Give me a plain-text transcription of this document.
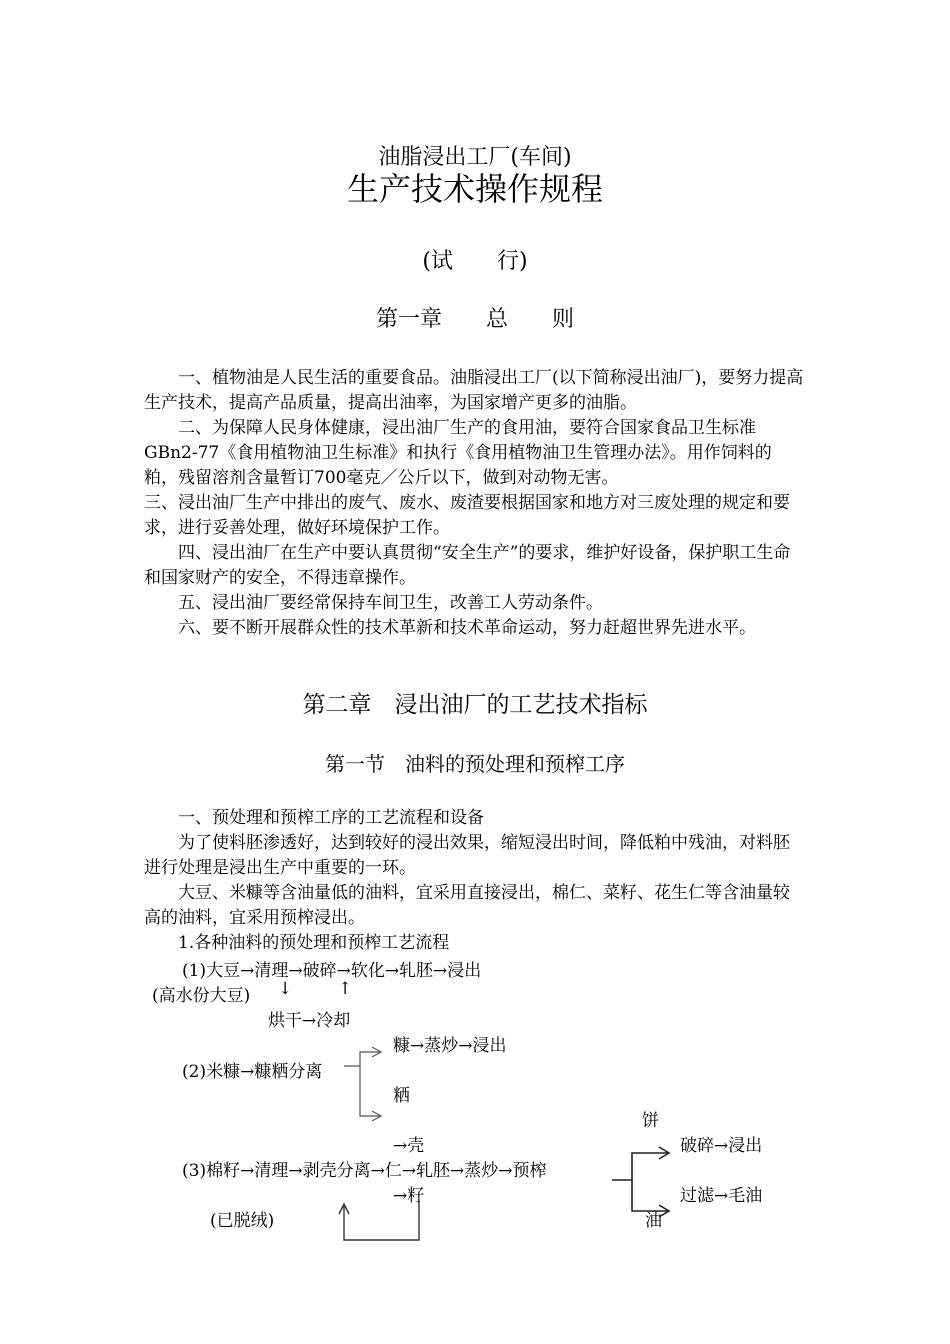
油脂浸出工厂(车间)
生产技术操作规程
(试　　行)
第一章　　总　　则
　　一、植物油是人民生活的重要食品。油脂浸出工厂(以下简称浸出油厂)，要努力提高生产技术，提高产品质量，提高出油率，为国家增产更多的油脂。
　　二、为保障人民身体健康，浸出油厂生产的食用油，要符合国家食品卫生标准GBn2-77《食用植物油卫生标准》和执行《食用植物油卫生管理办法》。用作饲料的粕，残留溶剂含量暂订700毫克／公斤以下，做到对动物无害。
三、浸出油厂生产中排出的废气、废水、废渣要根据国家和地方对三废处理的规定和要求，进行妥善处理，做好环境保护工作。
　　四、浸出油厂在生产中要认真贯彻“安全生产”的要求，维护好设备，保护职工生命和国家财产的安全，不得违章操作。
　　五、浸出油厂要经常保持车间卫生，改善工人劳动条件。
　　六、要不断开展群众性的技术革新和技术革命运动，努力赶超世界先进水平。
第二章　浸出油厂的工艺技术指标
第一节　油料的预处理和预榨工序
　　一、预处理和预榨工序的工艺流程和设备
　　为了使料胚渗透好，达到较好的浸出效果，缩短浸出时间，降低粕中残油，对料胚进行处理是浸出生产中重要的一环。
　　大豆、米糠等含油量低的油料，宜采用直接浸出，棉仁、菜籽、花生仁等含油量较高的油料，宜采用预榨浸出。
　　1.各种油料的预处理和预榨工艺流程
(1)大豆→清理→破碎→软化→轧胚→浸出
(高水份大豆) ↓	↑
烘干→冷却
糠→蒸炒→浸出
(2)米糠→糠粞分离
粞
→壳
(3)棉籽→清理→剥壳分离→仁→轧胚→蒸炒→预榨
→籽
(已脱绒)
饼
破碎→浸出
过滤→毛油
油
